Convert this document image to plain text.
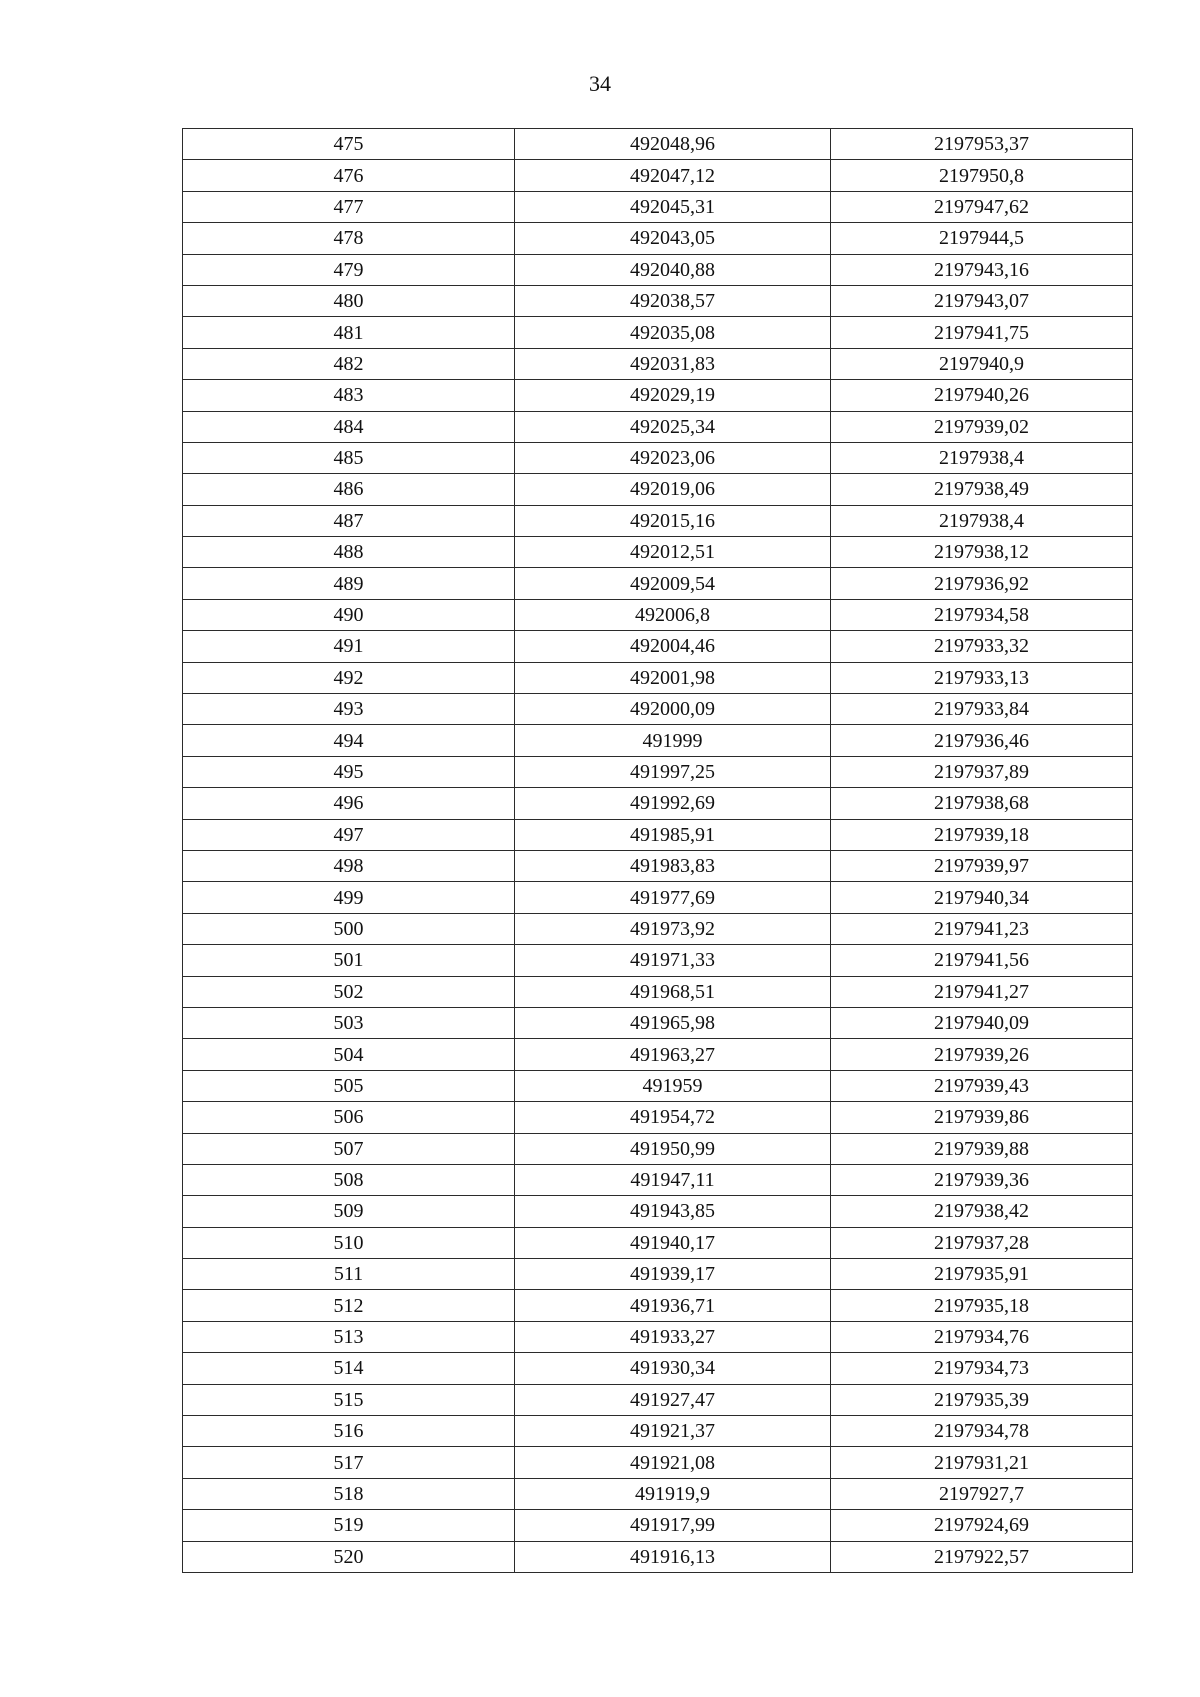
34
475	492048,96	2197953,37
476	492047,12	2197950,8
477	492045,31	2197947,62
478	492043,05	2197944,5
479	492040,88	2197943,16
480	492038,57	2197943,07
481	492035,08	2197941,75
482	492031,83	2197940,9
483	492029,19	2197940,26
484	492025,34	2197939,02
485	492023,06	2197938,4
486	492019,06	2197938,49
487	492015,16	2197938,4
488	492012,51	2197938,12
489	492009,54	2197936,92
490	492006,8	2197934,58
491	492004,46	2197933,32
492	492001,98	2197933,13
493	492000,09	2197933,84
494	491999	2197936,46
495	491997,25	2197937,89
496	491992,69	2197938,68
497	491985,91	2197939,18
498	491983,83	2197939,97
499	491977,69	2197940,34
500	491973,92	2197941,23
501	491971,33	2197941,56
502	491968,51	2197941,27
503	491965,98	2197940,09
504	491963,27	2197939,26
505	491959	2197939,43
506	491954,72	2197939,86
507	491950,99	2197939,88
508	491947,11	2197939,36
509	491943,85	2197938,42
510	491940,17	2197937,28
511	491939,17	2197935,91
512	491936,71	2197935,18
513	491933,27	2197934,76
514	491930,34	2197934,73
515	491927,47	2197935,39
516	491921,37	2197934,78
517	491921,08	2197931,21
518	491919,9	2197927,7
519	491917,99	2197924,69
520	491916,13	2197922,57
